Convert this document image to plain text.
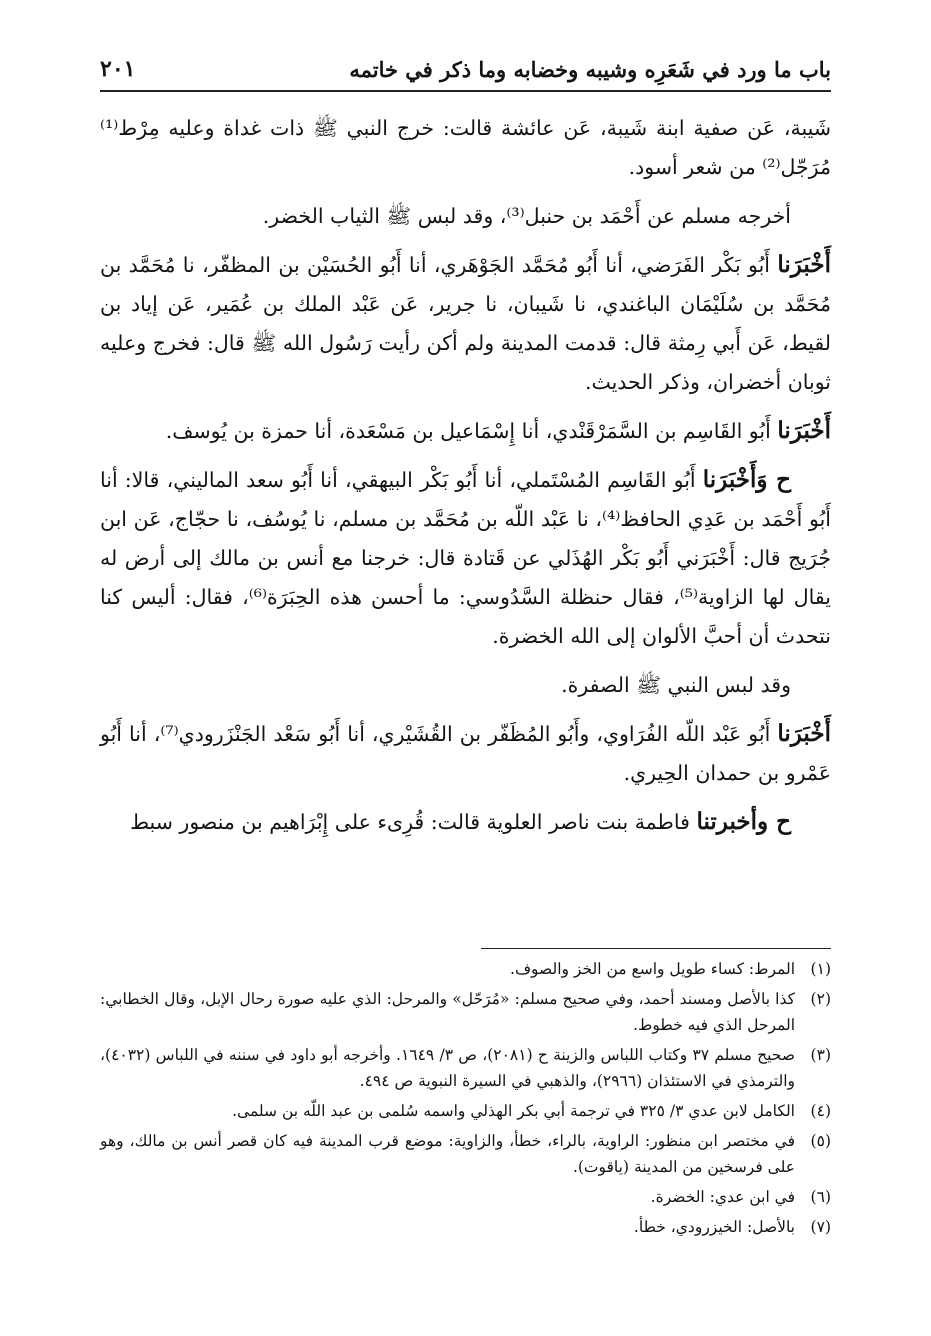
باب ما ورد في شَعَرِه وشيبه وخضابه وما ذكر في خاتمه
٢٠١

شَيبة، عَن صفية ابنة شَيبة، عَن عائشة قالت: خرج النبي ﷺ ذات غداة وعليه مِرْط⁽¹⁾ مُرَجّل⁽²⁾ من شعر أسود.

أخرجه مسلم عن أَحْمَد بن حنبل⁽³⁾، وقد لبس ﷺ الثياب الخضر.

أَخْبَرَنا أَبُو بَكْر الفَرَضي، أنا أَبُو مُحَمَّد الجَوْهَري، أنا أَبُو الحُسَيْن بن المظفّر، نا مُحَمَّد بن مُحَمَّد بن سُلَيْمَان الباغندي، نا شَيبان، نا جرير، عَن عَبْد الملك بن عُمَير، عَن إياد بن لقيط، عَن أَبي رِمثة قال: قدمت المدينة ولم أكن رأيت رَسُول الله ﷺ قال: فخرج وعليه ثوبان أخضران، وذكر الحديث.

أَخْبَرَنا أَبُو القَاسِم بن السَّمَرْقَنْدي، أنا إِسْمَاعيل بن مَسْعَدة، أنا حمزة بن يُوسف.

ح وَأَخْبَرَنا أَبُو القَاسِم المُسْتَملي، أنا أَبُو بَكْر البيهقي، أنا أَبُو سعد الماليني، قالا: أنا أَبُو أَحْمَد بن عَدِي الحافظ⁽⁴⁾، نا عَبْد اللّه بن مُحَمَّد بن مسلم، نا يُوسُف، نا حجّاج، عَن ابن جُرَيج قال: أَخْبَرَني أَبُو بَكْر الهُذَلي عن قَتادة قال: خرجنا مع أنس بن مالك إلى أرض له يقال لها الزاوية⁽⁵⁾، فقال حنظلة السَّدُوسي: ما أحسن هذه الحِبَرَة⁽⁶⁾، فقال: أليس كنا نتحدث أن أحبَّ الألوان إلى الله الخضرة.

وقد لبس النبي ﷺ الصفرة.

أَخْبَرَنا أَبُو عَبْد اللّه الفُرَاوي، وأَبُو المُظَفّر بن القُشَيْري، أنا أَبُو سَعْد الجَنْزَرودي⁽⁷⁾، أنا أَبُو عَمْرو بن حمدان الحِيري.

ح وأخبرتنا فاطمة بنت ناصر العلوية قالت: قُرِىء على إِبْرَاهيم بن منصور سبط

(١)
المرط: كساء طويل واسع من الخز والصوف.
(٢)
كذا بالأصل ومسند أحمد، وفي صحيح مسلم: «مُرَحّل» والمرحل: الذي عليه صورة رحال الإبل، وقال الخطابي: المرحل الذي فيه خطوط.
(٣)
صحيح مسلم ٣٧ وكتاب اللباس والزينة ح (٢٠٨١)، ص ٣/ ١٦٤٩. وأخرجه أبو داود في سننه في اللباس (٤٠٣٢)، والترمذي في الاستئذان (٢٩٦٦)، والذهبي في السيرة النبوية ص ٤٩٤.
(٤)
الكامل لابن عدي ٣/ ٣٢٥ في ترجمة أبي بكر الهذلي واسمه سُلمى بن عبد اللّه بن سلمى.
(٥)
في مختصر ابن منظور: الراوية، بالراء، خطأ، والزاوية: موضع قرب المدينة فيه كان قصر أنس بن مالك، وهو على فرسخين من المدينة (ياقوت).
(٦)
في ابن عدي: الخضرة.
(٧)
بالأصل: الخيزرودي، خطأ.
